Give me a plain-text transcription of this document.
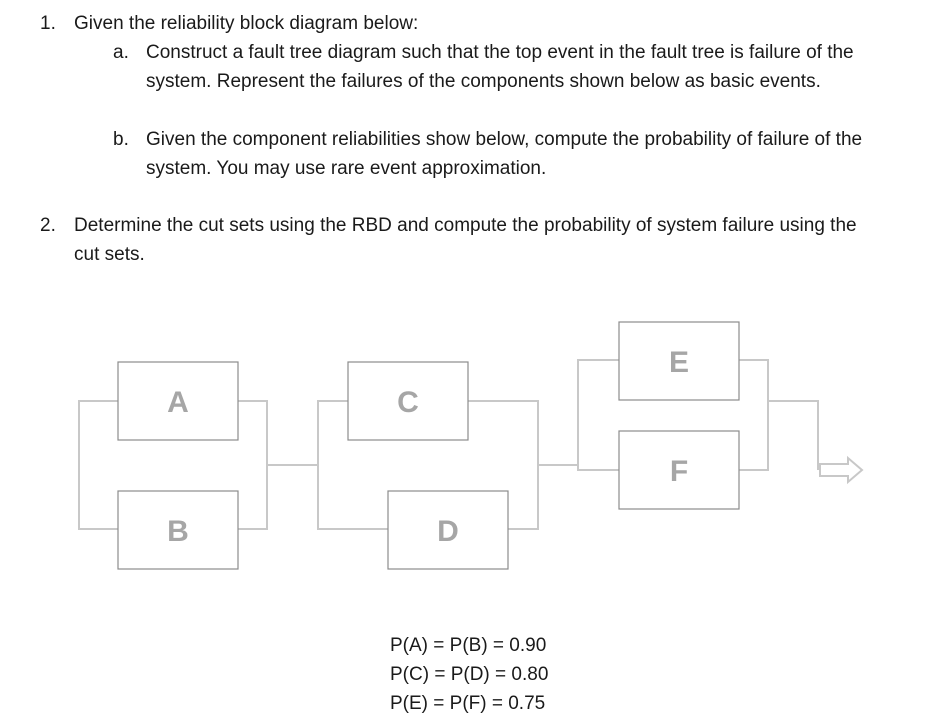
1. Given the reliability block diagram below:
a. Construct a fault tree diagram such that the top event in the fault tree is failure of the
system. Represent the failures of the components shown below as basic events.
b. Given the component reliabilities show below, compute the probability of failure of the
system. You may use rare event approximation.
2. Determine the cut sets using the RBD and compute the probability of system failure using the
cut sets.
A
B
C
D
E
F
P(A) = P(B) = 0.90
P(C) = P(D) = 0.80
P(E) = P(F) = 0.75
